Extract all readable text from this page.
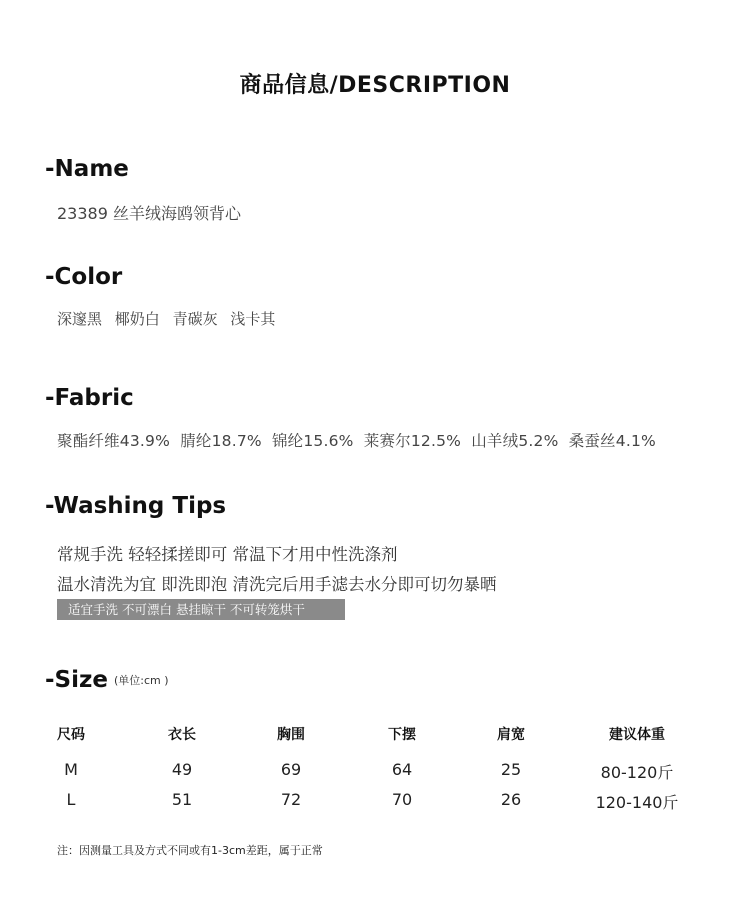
商品信息/DESCRIPTION
-Name
23389 丝羊绒海鸥领背心
-Color
深邃黑 椰奶白 青碳灰 浅卡其
-Fabric
聚酯纤维43.9% 腈纶18.7% 锦纶15.6% 莱赛尔12.5% 山羊绒5.2% 桑蚕丝4.1%
-Washing Tips
常规手洗 轻轻揉搓即可 常温下才用中性洗涤剂
温水清洗为宜 即洗即泡 清洗完后用手滤去水分即可切勿暴晒
适宜手洗 不可漂白 悬挂晾干 不可转笼烘干
-Size (单位:cm )
尺码	衣长	胸围	下摆	肩宽	建议体重
M	49	69	64	25	80-120斤
L	51	72	70	26	120-140斤
注：因测量工具及方式不同或有1-3cm差距，属于正常
